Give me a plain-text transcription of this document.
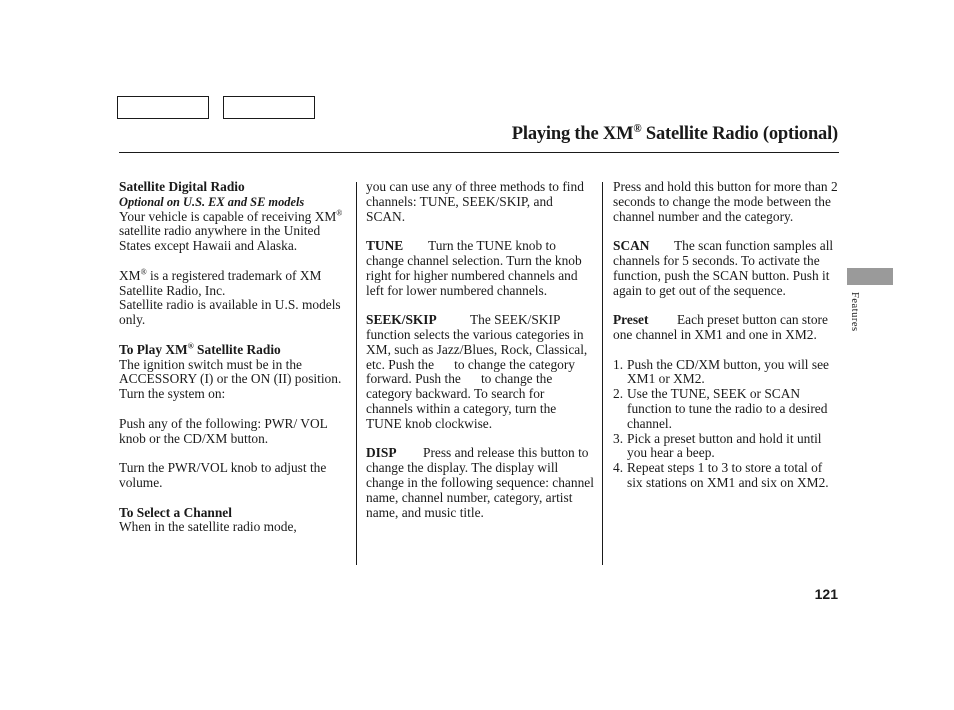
Playing the XM® Satellite Radio (optional)

Satellite Digital Radio

Optional on U.S. EX and SE models

Your vehicle is capable of receiving XM® satellite radio anywhere in the United States except Hawaii and Alaska.

XM® is a registered trademark of XM Satellite Radio, Inc.

Satellite radio is available in U.S. models only.

To Play XM® Satellite Radio

The ignition switch must be in the ACCESSORY (I) or the ON (II) position.

Turn the system on:

Push any of the following: PWR/ VOL knob or the CD/XM button.

Turn the PWR/VOL knob to adjust the volume.

To Select a Channel

When in the satellite radio mode,

you can use any of three methods to find channels: TUNE, SEEK/SKIP, and SCAN.

TUNE Turn the TUNE knob to change channel selection. Turn the knob right for higher numbered channels and left for lower numbered channels.

SEEK/SKIP The SEEK/SKIP function selects the various categories in XM, such as Jazz/Blues, Rock, Classical, etc. Push the to change the category forward. Push the to change the category backward. To search for channels within a category, turn the TUNE knob clockwise.

DISP Press and release this button to change the display. The display will change in the following sequence: channel name, channel number, category, artist name, and music title.

Press and hold this button for more than 2 seconds to change the mode between the channel number and the category.

SCAN The scan function samples all channels for 5 seconds. To activate the function, push the SCAN button. Push it again to get out of the sequence.

Preset Each preset button can store one channel in XM1 and one in XM2.

1. Push the CD/XM button, you will see XM1 or XM2.
2. Use the TUNE, SEEK or SCAN function to tune the radio to a desired channel.
3. Pick a preset button and hold it until you hear a beep.
4. Repeat steps 1 to 3 to store a total of six stations on XM1 and six on XM2.
Features
121
